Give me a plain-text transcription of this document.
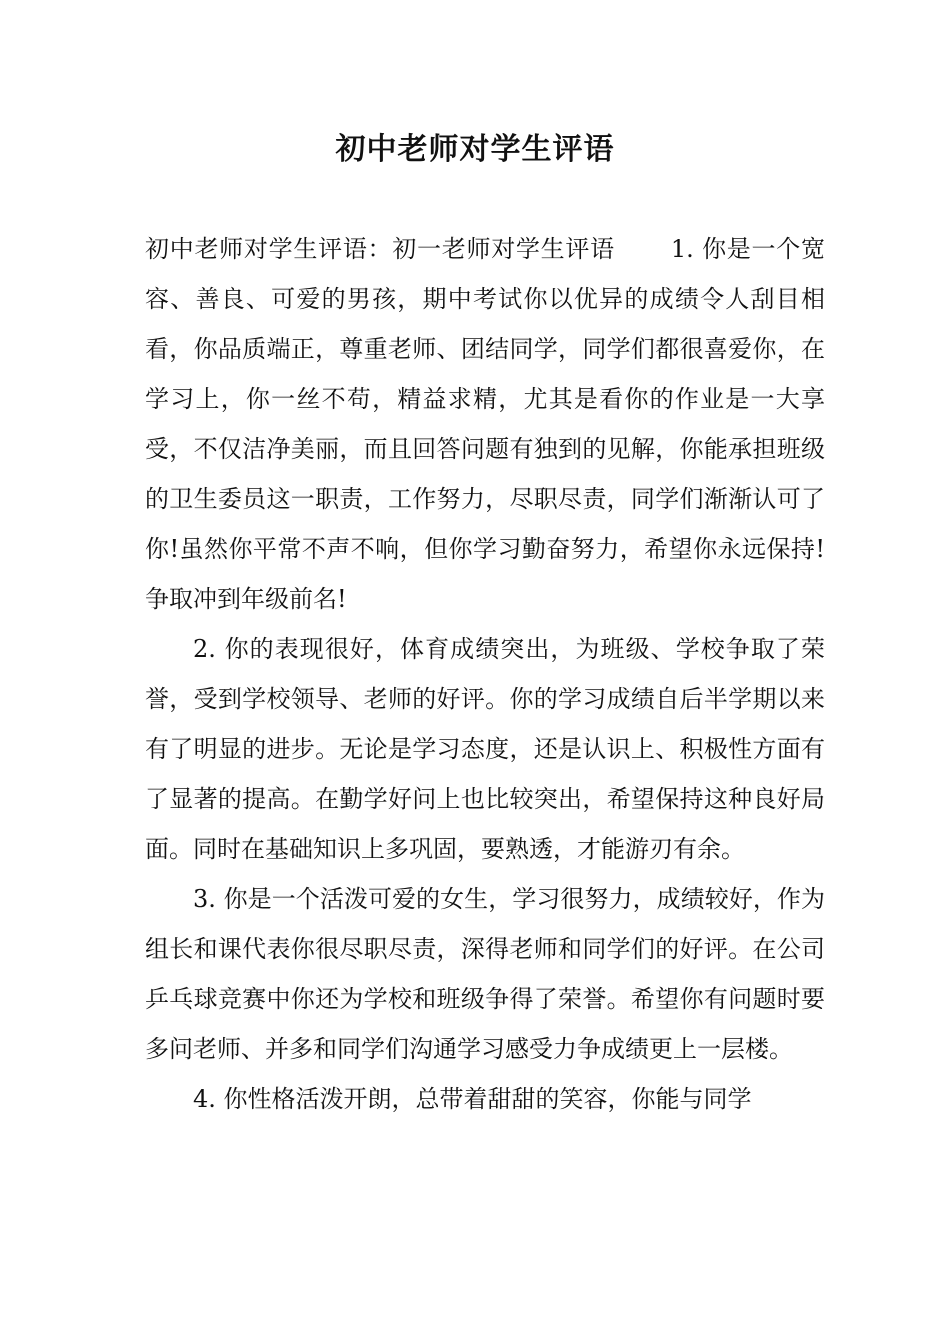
初中老师对学生评语

初中老师对学生评语：初一老师对学生评语 1. 你是一个宽容、善良、可爱的男孩，期中考试你以优异的成绩令人刮目相看，你品质端正，尊重老师、团结同学，同学们都很喜爱你，在学习上，你一丝不苟，精益求精，尤其是看你的作业是一大享受，不仅洁净美丽，而且回答问题有独到的见解，你能承担班级的卫生委员这一职责，工作努力，尽职尽责，同学们渐渐认可了你!虽然你平常不声不响，但你学习勤奋努力，希望你永远保持!争取冲到年级前名!

2. 你的表现很好，体育成绩突出，为班级、学校争取了荣誉，受到学校领导、老师的好评。你的学习成绩自后半学期以来有了明显的进步。无论是学习态度，还是认识上、积极性方面有了显著的提高。在勤学好问上也比较突出，希望保持这种良好局面。同时在基础知识上多巩固，要熟透，才能游刃有余。

3. 你是一个活泼可爱的女生，学习很努力，成绩较好，作为组长和课代表你很尽职尽责，深得老师和同学们的好评。在公司乒乓球竞赛中你还为学校和班级争得了荣誉。希望你有问题时要多问老师、并多和同学们沟通学习感受力争成绩更上一层楼。

4. 你性格活泼开朗，总带着甜甜的笑容，你能与同学
